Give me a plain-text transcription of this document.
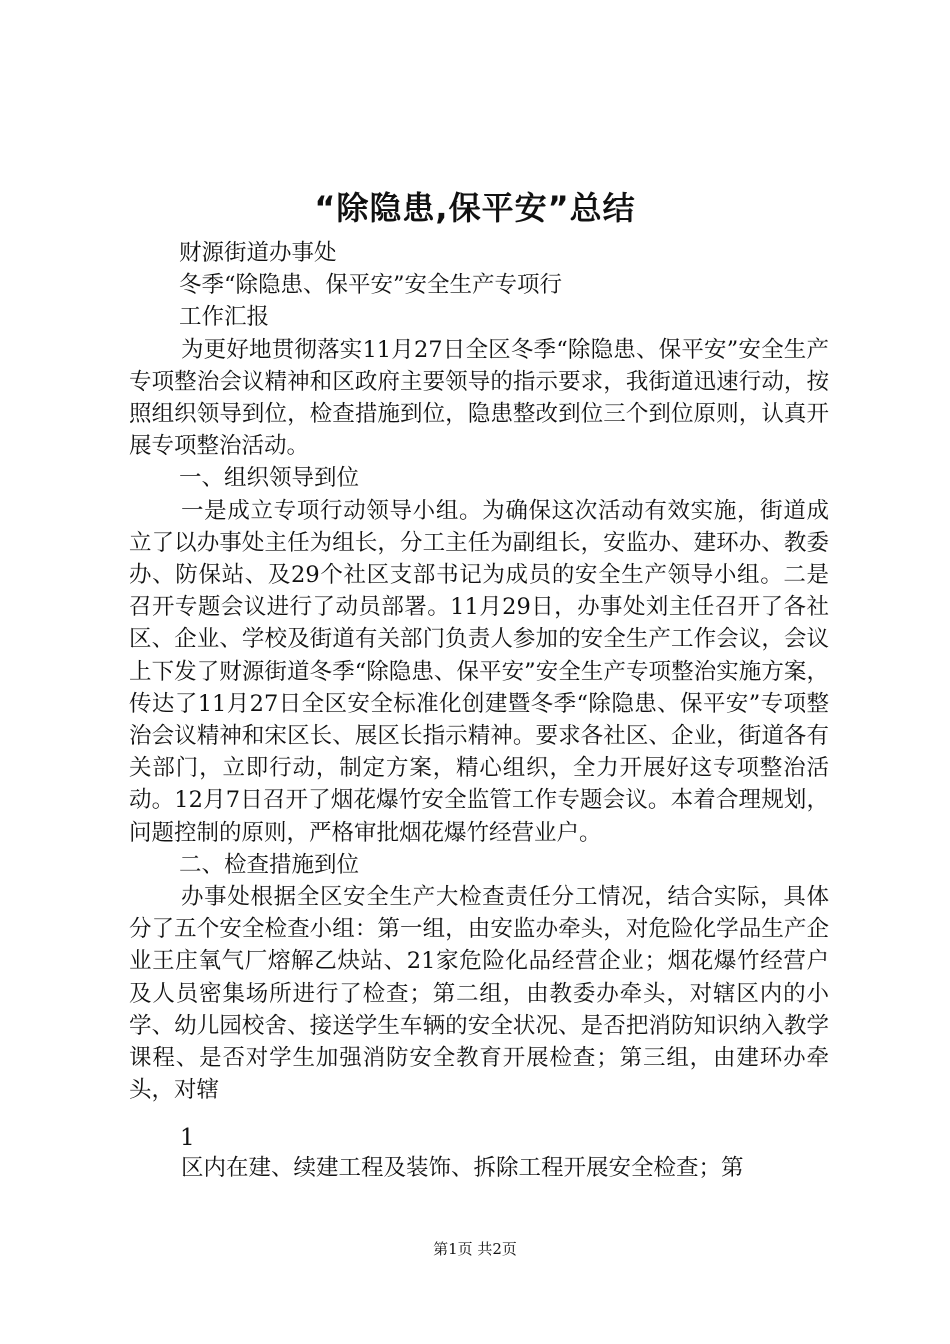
“除隐患,保平安”总结

财源街道办事处

冬季“除隐患、保平安”安全生产专项行

工作汇报

为更好地贯彻落实11月27日全区冬季“除隐患、保平安”安全生产专项整治会议精神和区政府主要领导的指示要求，我街道迅速行动，按照组织领导到位，检查措施到位，隐患整改到位三个到位原则，认真开展专项整治活动。

一、组织领导到位

一是成立专项行动领导小组。为确保这次活动有效实施，街道成立了以办事处主任为组长，分工主任为副组长，安监办、建环办、教委办、防保站、及29个社区支部书记为成员的安全生产领导小组。二是召开专题会议进行了动员部署。11月29日，办事处刘主任召开了各社区、企业、学校及街道有关部门负责人参加的安全生产工作会议，会议上下发了财源街道冬季“除隐患、保平安”安全生产专项整治实施方案，传达了11月27日全区安全标准化创建暨冬季“除隐患、保平安”专项整治会议精神和宋区长、展区长指示精神。要求各社区、企业，街道各有关部门，立即行动，制定方案，精心组织，全力开展好这专项整治活动。12月7日召开了烟花爆竹安全监管工作专题会议。本着合理规划，问题控制的原则，严格审批烟花爆竹经营业户。

二、检查措施到位

办事处根据全区安全生产大检查责任分工情况，结合实际，具体分了五个安全检查小组：第一组，由安监办牵头，对危险化学品生产企业王庄氧气厂熔解乙炔站、21家危险化品经营企业；烟花爆竹经营户及人员密集场所进行了检查；第二组，由教委办牵头，对辖区内的小学、幼儿园校舍、接送学生车辆的安全状况、是否把消防知识纳入教学课程、是否对学生加强消防安全教育开展检查；第三组，由建环办牵头，对辖

1
区内在建、续建工程及装饰、拆除工程开展安全检查；第
第1页 共2页
